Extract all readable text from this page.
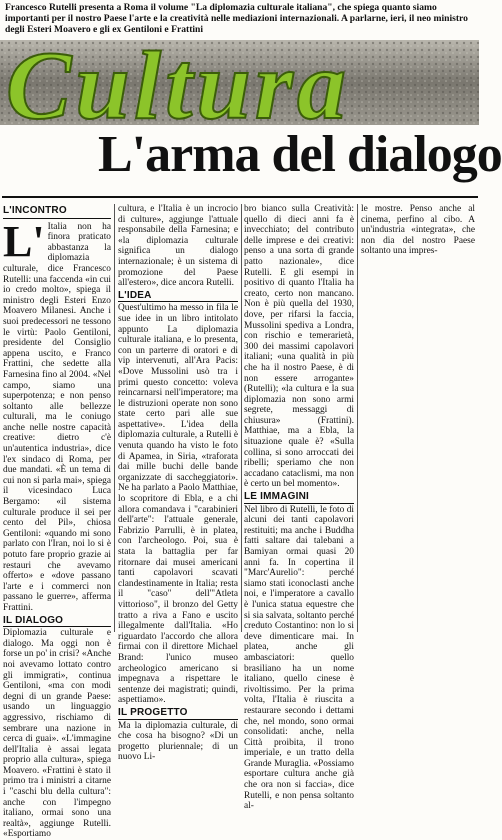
Francesco Rutelli presenta a Roma il volume "La diplomazia culturale italiana", che spiega quanto siamo importanti per il nostro Paese l'arte e la creatività nelle mediazioni internazionali. A parlarne, ieri, il neo ministro degli Esteri Moavero e gli ex Gentiloni e Frattini
Cultura
L'arma del dialogo
L'INCONTRO

L' Italia non ha finora praticato abbastanza la diplomazia culturale, dice Francesco Rutelli: una faccenda «in cui io credo molto», spiega il ministro degli Esteri Enzo Moavero Milanesi. Anche i suoi predecessori ne tessono le virtù: Paolo Gentiloni, presidente del Consiglio appena uscito, e Franco Frattini, che sedette alla Farnesina fino al 2004. «Nel campo, siamo una superpotenza; e non penso soltanto alle bellezze culturali, ma le coniugo anche nelle nostre capacità creative: dietro c'è un'autentica industria», dice l'ex sindaco di Roma, per due mandati. «È un tema di cui non si parla mai», spiega il vicesindaco Luca Bergamo: «il sistema culturale produce il sei per cento del Pil», chiosa Gentiloni: «quando mi sono parlato con l'Iran, noi lo si è potuto fare proprio grazie ai restauri che avevamo offerto» e «dove passano l'arte e i commerci non passano le guerre», afferma Frattini.

IL DIALOGO

Diplomazia culturale e dialogo. Ma oggi non è forse un po' in crisi? «Anche noi avevamo lottato contro gli immigrati», continua Gentiloni, «ma con modi degni di un grande Paese: usando un linguaggio aggressivo, rischiamo di sembrare una nazione in cerca di guai». «L'immagine dell'Italia è assai legata proprio alla cultura», spiega Moavero. «Frattini è stato il primo tra i ministri a citarne i "caschi blu della cultura": anche con l'impegno italiano, ormai sono una realtà», aggiunge Rutelli. «Esportiamo

cultura, e l'Italia è un incrocio di culture», aggiunge l'attuale responsabile della Farnesina; e «la diplomazia culturale significa un dialogo internazionale; è un sistema di promozione del Paese all'estero», dice ancora Rutelli.

L'IDEA

Quest'ultimo ha messo in fila le sue idee in un libro intitolato appunto La diplomazia culturale italiana, e lo presenta, con un parterre di oratori e di vip intervenuti, all'Ara Pacis: «Dove Mussolini usò tra i primi questo concetto: voleva reincarnarsi nell'imperatore; ma le distruzioni operate non sono state certo pari alle sue aspettative». L'idea della diplomazia culturale, a Rutelli è venuta quando ha visto le foto di Apamea, in Siria, «traforata dai mille buchi delle bande organizzate di saccheggiatori». Ne ha parlato a Paolo Matthiae, lo scopritore di Ebla, e a chi allora comandava i "carabinieri dell'arte": l'attuale generale, Fabrizio Parrulli, è in platea, con l'archeologo. Poi, sua è stata la battaglia per far ritornare dai musei americani tanti capolavori scavati clandestinamente in Italia; resta il "caso" dell'"Atleta vittorioso", il bronzo del Getty tratto a riva a Fano e uscito illegalmente dall'Italia. «Ho riguardato l'accordo che allora firmai con il direttore Michael Brand: l'unico museo archeologico americano si impegnava a rispettare le sentenze dei magistrati; quindi, aspettiamo».

IL PROGETTO

Ma la diplomazia culturale, di che cosa ha bisogno? «Di un progetto pluriennale; di un nuovo Li-

bro bianco sulla Creatività: quello di dieci anni fa è invecchiato; del contributo delle imprese e dei creativi: penso a una sorta di grande patto nazionale», dice Rutelli. E gli esempi in positivo di quanto l'Italia ha creato, certo non mancano. Non è più quella del 1930, dove, per rifarsi la faccia, Mussolini spediva a Londra, con rischio e temerarietà, 300 dei massimi capolavori italiani; «una qualità in più che ha il nostro Paese, è di non essere arrogante» (Rutelli); «la cultura e la sua diplomazia non sono armi segrete, messaggi di chiusura» (Frattini). Matthiae, ma a Ebla, la situazione quale è? «Sulla collina, si sono arroccati dei ribelli; speriamo che non accadano cataclismi, ma non è certo un bel momento».

LE IMMAGINI

Nel libro di Rutelli, le foto di alcuni dei tanti capolavori restituiti; ma anche i Buddha fatti saltare dai talebani a Bamiyan ormai quasi 20 anni fa. In copertina il "Marc'Aurelio": perché siamo stati iconoclasti anche noi, e l'imperatore a cavallo è l'unica statua equestre che si sia salvata, soltanto perché creduto Costantino: non lo si deve dimenticare mai. In platea, anche gli ambasciatori: quello brasiliano ha un nome italiano, quello cinese è rivoltissimo. Per la prima volta, l'Italia è riuscita a restaurare secondo i dettami che, nel mondo, sono ormai consolidati: anche, nella Città proibita, il trono imperiale, e un tratto della Grande Muraglia. «Possiamo esportare cultura anche già che ora non si faccia», dice Rutelli, e non pensa soltanto al-

le mostre. Penso anche al cinema, perfino al cibo. A un'industria «integrata», che non dia del nostro Paese soltanto una impres-
